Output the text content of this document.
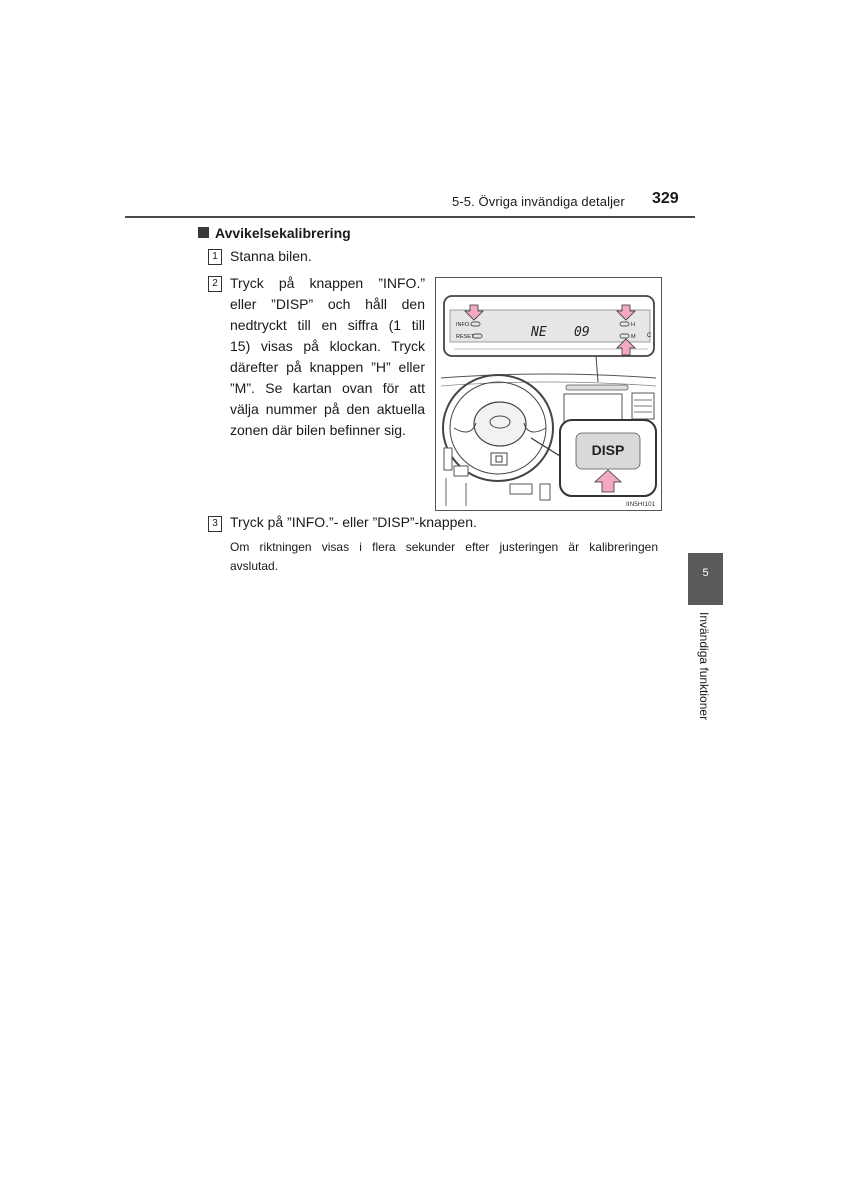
5-5. Övriga invändiga detaljer 329
Avvikelsekalibrering
1 Stanna bilen.
2 Tryck på knappen ”INFO.”
eller ”DISP” och håll den
nedtryckt till en siffra (1 till
15) visas på klockan. Tryck
därefter på knappen ”H” eller
”M”. Se kartan ovan för att
välja nummer på den aktuella
zonen där bilen befinner sig.
INFO.
RESET	NE 09	H
M C
DISP
IIN5HI101
3 Tryck på ”INFO.”- eller ”DISP”-knappen.
Om riktningen visas i flera sekunder efter justeringen är kalibreringen
avslutad.	5
Invändiga funktioner
